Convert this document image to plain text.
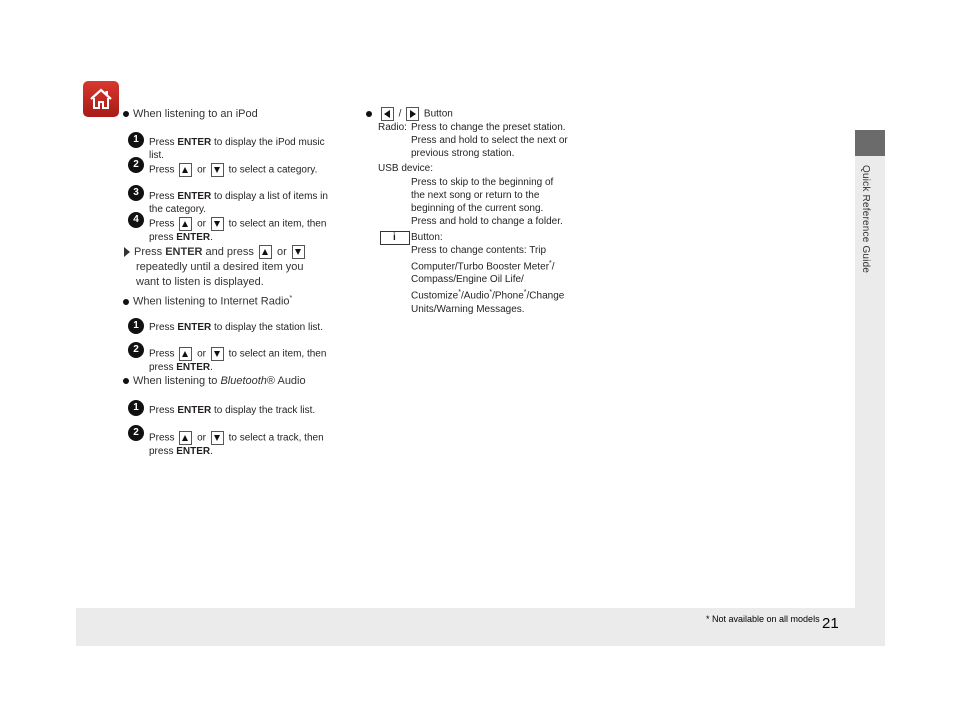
Quick Reference Guide
* Not available on all models 21
When listening to an iPod
1	Press ENTER to display the iPod music
list.
2
Press or to select a category.
3	Press ENTER to display a list of items in
the category.
4	Press or to select an item, then
press ENTER.
Press ENTER and press or
repeatedly until a desired item you
want to listen is displayed.
When listening to Internet Radio*
1	Press ENTER to display the station list.
2	Press or to select an item, then
press ENTER.
When listening to Bluetooth® Audio
1	Press ENTER to display the track list.
2
Press or to select a track, then
press ENTER.
/ Button
Radio: Press to change the preset station.
Press and hold to select the next or
previous strong station.
USB device:
Press to skip to the beginning of
the next song or return to the
beginning of the current song.
Press and hold to change a folder.
i Button:
Press to change contents: Trip
Computer/Turbo Booster Meter*/
Compass/Engine Oil Life/
Customize*/Audio*/Phone*/Change
Units/Warning Messages.
